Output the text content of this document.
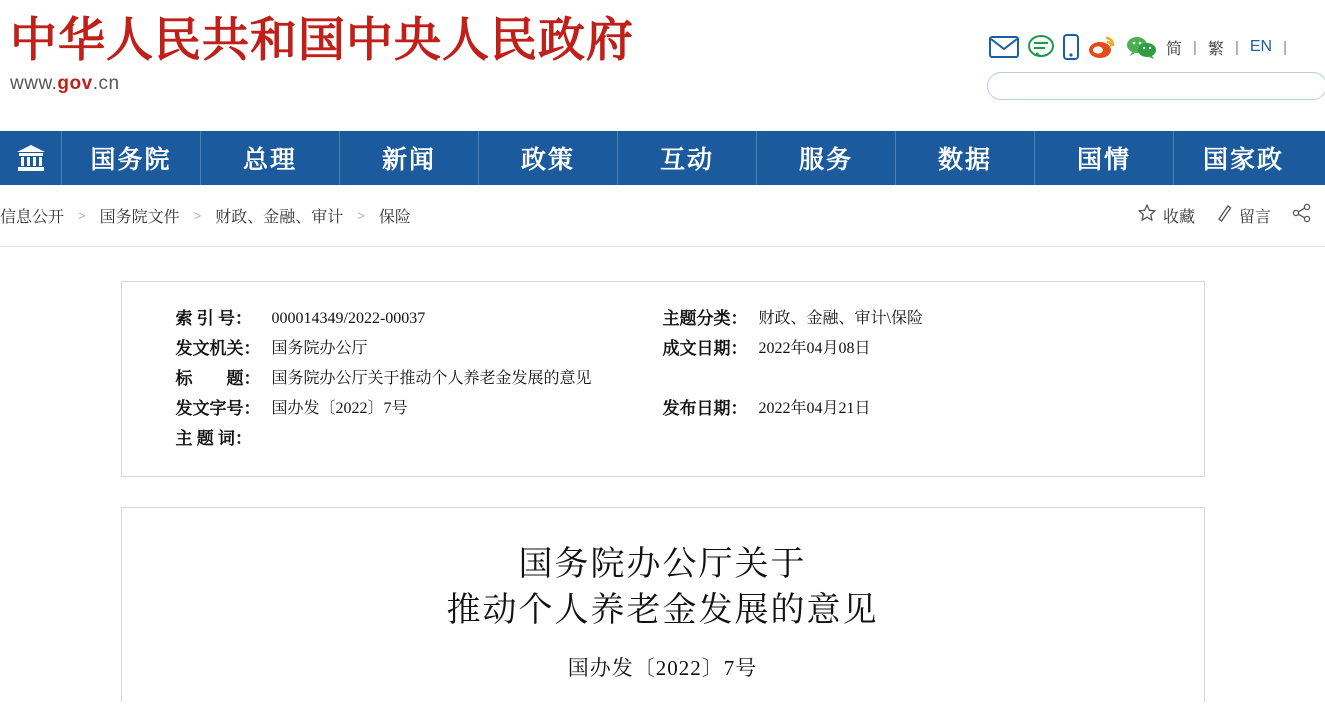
中华人民共和国中央人民政府
www.gov.cn
简 | 繁 | EN |
国务院	总理	新闻	政策	互动	服务	数据	国情	国家政
信息公开 > 国务院文件 > 财政、金融、审计 > 保险	收藏	留言
索 引 号：	000014349/2022-00037	主题分类： 财政、金融、审计\保险
发文机关： 国务院办公厅	成文日期： 2022年04月08日
标　　题： 国务院办公厅关于推动个人养老金发展的意见
发文字号： 国办发〔2022〕7号	发布日期： 2022年04月21日
主 题 词：
国务院办公厅关于
推动个人养老金发展的意见
国办发〔2022〕7号
